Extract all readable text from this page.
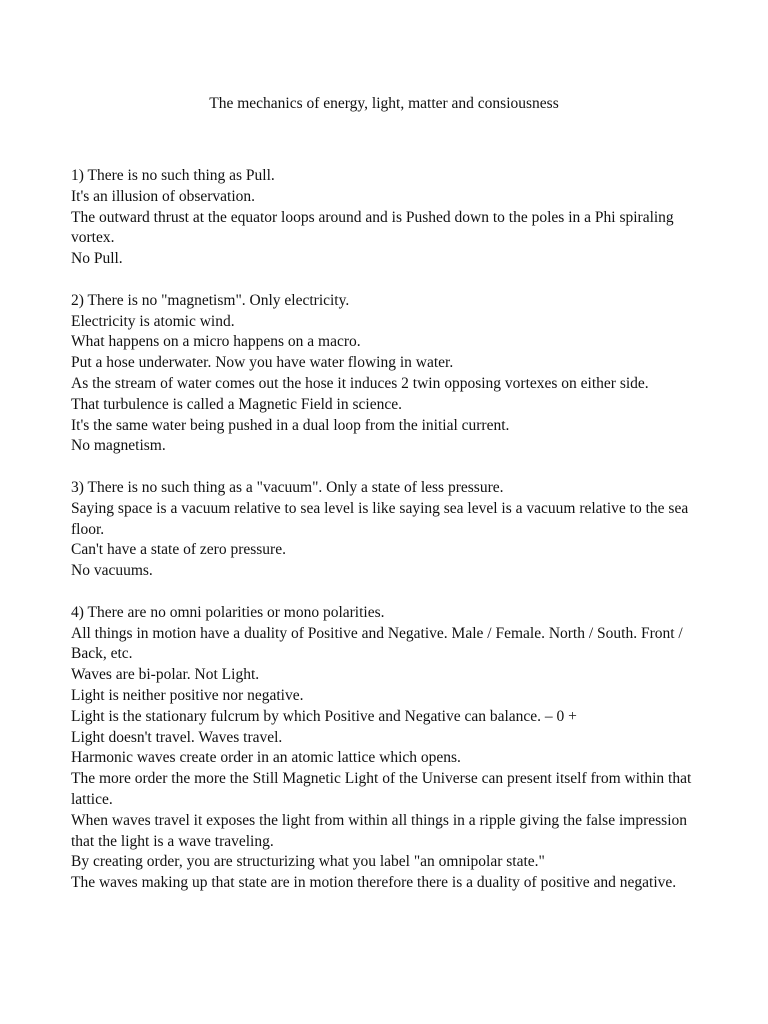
The mechanics of energy, light, matter and consiousness

1) There is no such thing as Pull.

It's an illusion of observation.

The outward thrust at the equator loops around and is Pushed down to the poles in a Phi spiraling vortex.

No Pull.

2) There is no "magnetism". Only electricity.

Electricity is atomic wind.

What happens on a micro happens on a macro.

Put a hose underwater. Now you have water flowing in water.

As the stream of water comes out the hose it induces 2 twin opposing vortexes on either side.

That turbulence is called a Magnetic Field in science.

It's the same water being pushed in a dual loop from the initial current.

No magnetism.

3) There is no such thing as a "vacuum". Only a state of less pressure.

Saying space is a vacuum relative to sea level is like saying sea level is a vacuum relative to the sea floor.

Can't have a state of zero pressure.

No vacuums.

4) There are no omni polarities or mono polarities.

All things in motion have a duality of Positive and Negative. Male / Female. North / South. Front / Back, etc.

Waves are bi-polar. Not Light.

Light is neither positive nor negative.

Light is the stationary fulcrum by which Positive and Negative can balance. – 0 +

Light doesn't travel. Waves travel.

Harmonic waves create order in an atomic lattice which opens.

The more order the more the Still Magnetic Light of the Universe can present itself from within that lattice.

When waves travel it exposes the light from within all things in a ripple giving the false impression that the light is a wave traveling.

By creating order, you are structurizing what you label "an omnipolar state."

The waves making up that state are in motion therefore there is a duality of positive and negative.
